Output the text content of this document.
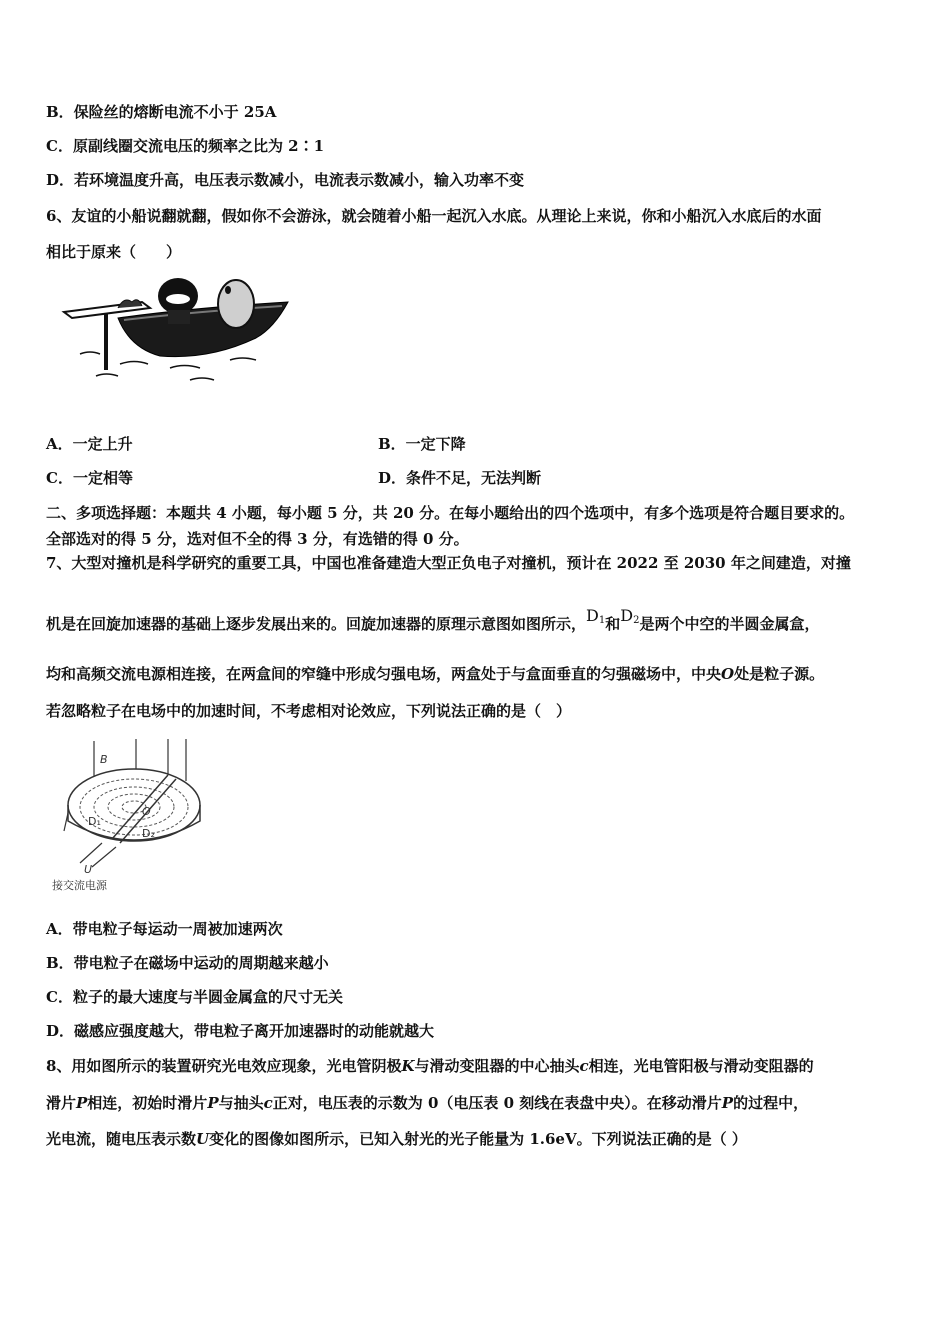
B．保险丝的熔断电流不小于 25A
C．原副线圈交流电压的频率之比为 2∶1
D．若环境温度升高，电压表示数减小，电流表示数减小，输入功率不变
6、友谊的小船说翻就翻，假如你不会游泳，就会随着小船一起沉入水底。从理论上来说，你和小船沉入水底后的水面
相比于原来（　　）
A．一定上升	B．一定下降
C．一定相等	D．条件不足，无法判断
二、多项选择题：本题共 4 小题，每小题 5 分，共 20 分。在每小题给出的四个选项中，有多个选项是符合题目要求的。
全部选对的得 5 分，选对但不全的得 3 分，有选错的得 0 分。
7、大型对撞机是科学研究的重要工具，中国也准备建造大型正负电子对撞机，预计在 2022 至 2030 年之间建造，对撞
机是在回旋加速器的基础上逐步发展出来的。回旋加速器的原理示意图如图所示，$D_1$和$D_2$是两个中空的半圆金属盒，
均和高频交流电源相连接，在两盒间的窄缝中形成匀强电场，两盒处于与盒面垂直的匀强磁场中，中央O处是粒子源。
若忽略粒子在电场中的加速时间，不考虑相对论效应，下列说法正确的是（　）
B
O
D₁
D₂
U
接交流电源
A．带电粒子每运动一周被加速两次
B．带电粒子在磁场中运动的周期越来越小
C．粒子的最大速度与半圆金属盒的尺寸无关
D．磁感应强度越大，带电粒子离开加速器时的动能就越大
8、用如图所示的装置研究光电效应现象，光电管阴极K与滑动变阻器的中心抽头c相连，光电管阳极与滑动变阻器的
滑片P相连，初始时滑片P与抽头c正对，电压表的示数为 0（电压表 0 刻线在表盘中央）。在移动滑片P的过程中，
光电流，随电压表示数U变化的图像如图所示，已知入射光的光子能量为 1.6eV。下列说法正确的是（ ）
